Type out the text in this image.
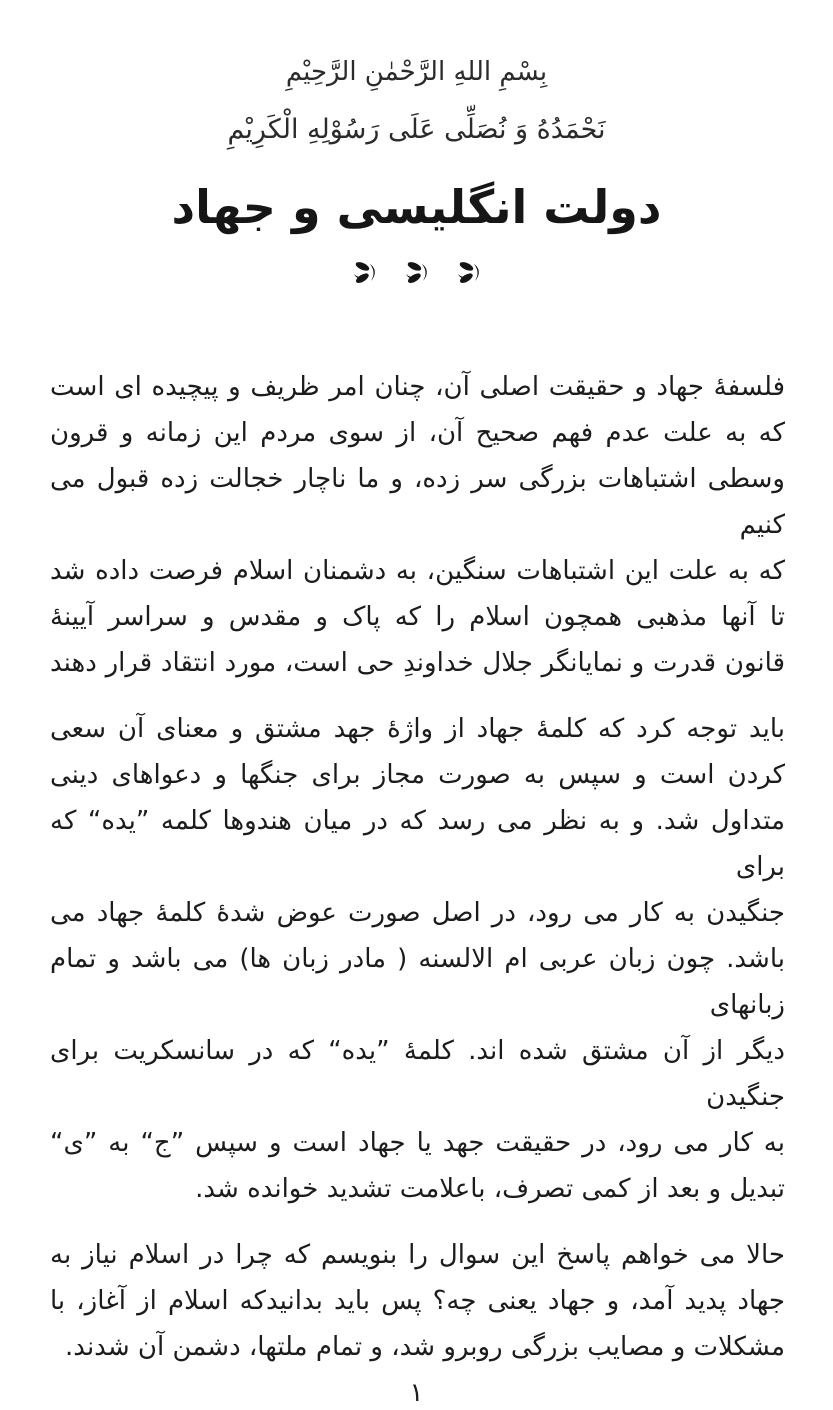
بِسْمِ اللهِ الرَّحْمٰنِ الرَّحِيْمِ
نَحْمَدُهُ وَ نُصَلِّى عَلَى رَسُوْلِهِ الْكَرِيْمِ
دولت انگلیسی و جهاد
فلسفۀ جهاد و حقیقت اصلی آن، چنان امر ظریف و پیچیده ای است
که به علت عدم فهم صحیح آن، از سوی مردم این زمانه و قرون
وسطی اشتباهات بزرگی سر زده، و ما ناچار خجالت زده قبول می کنیم
که به علت این اشتباهات سنگین، به دشمنان اسلام فرصت داده شد
تا آنها مذهبی همچون اسلام را که پاک و مقدس و سراسر آیینۀ
قانون قدرت و نمایانگر جلال خداوندِ حی است، مورد انتقاد قرار دهند
باید توجه کرد که کلمۀ جهاد از واژۀ جهد مشتق و معنای آن سعی
کردن است و سپس به صورت مجاز برای جنگها و دعواهای دینی
متداول شد. و به نظر می رسد که در میان هندوها کلمه ”یده“ که برای
جنگیدن به کار می رود، در اصل صورت عوض شدۀ کلمۀ جهاد می
باشد. چون زبان عربی ام الالسنه ( مادر زبان ها) می باشد و تمام زبانهای
دیگر از آن مشتق شده اند. کلمۀ ”یده“ که در سانسکریت برای جنگیدن
به کار می رود، در حقیقت جهد یا جهاد است و سپس ”ج“ به ”ی“
تبدیل و بعد از کمی تصرف، باعلامت تشدید خوانده شد.
حالا می خواهم پاسخ این سوال را بنویسم که چرا در اسلام نیاز به
جهاد پدید آمد، و جهاد یعنی چه؟ پس باید بدانیدکه اسلام از آغاز، با
مشکلات و مصایب بزرگی روبرو شد، و تمام ملتها، دشمن آن شدند.
۱
